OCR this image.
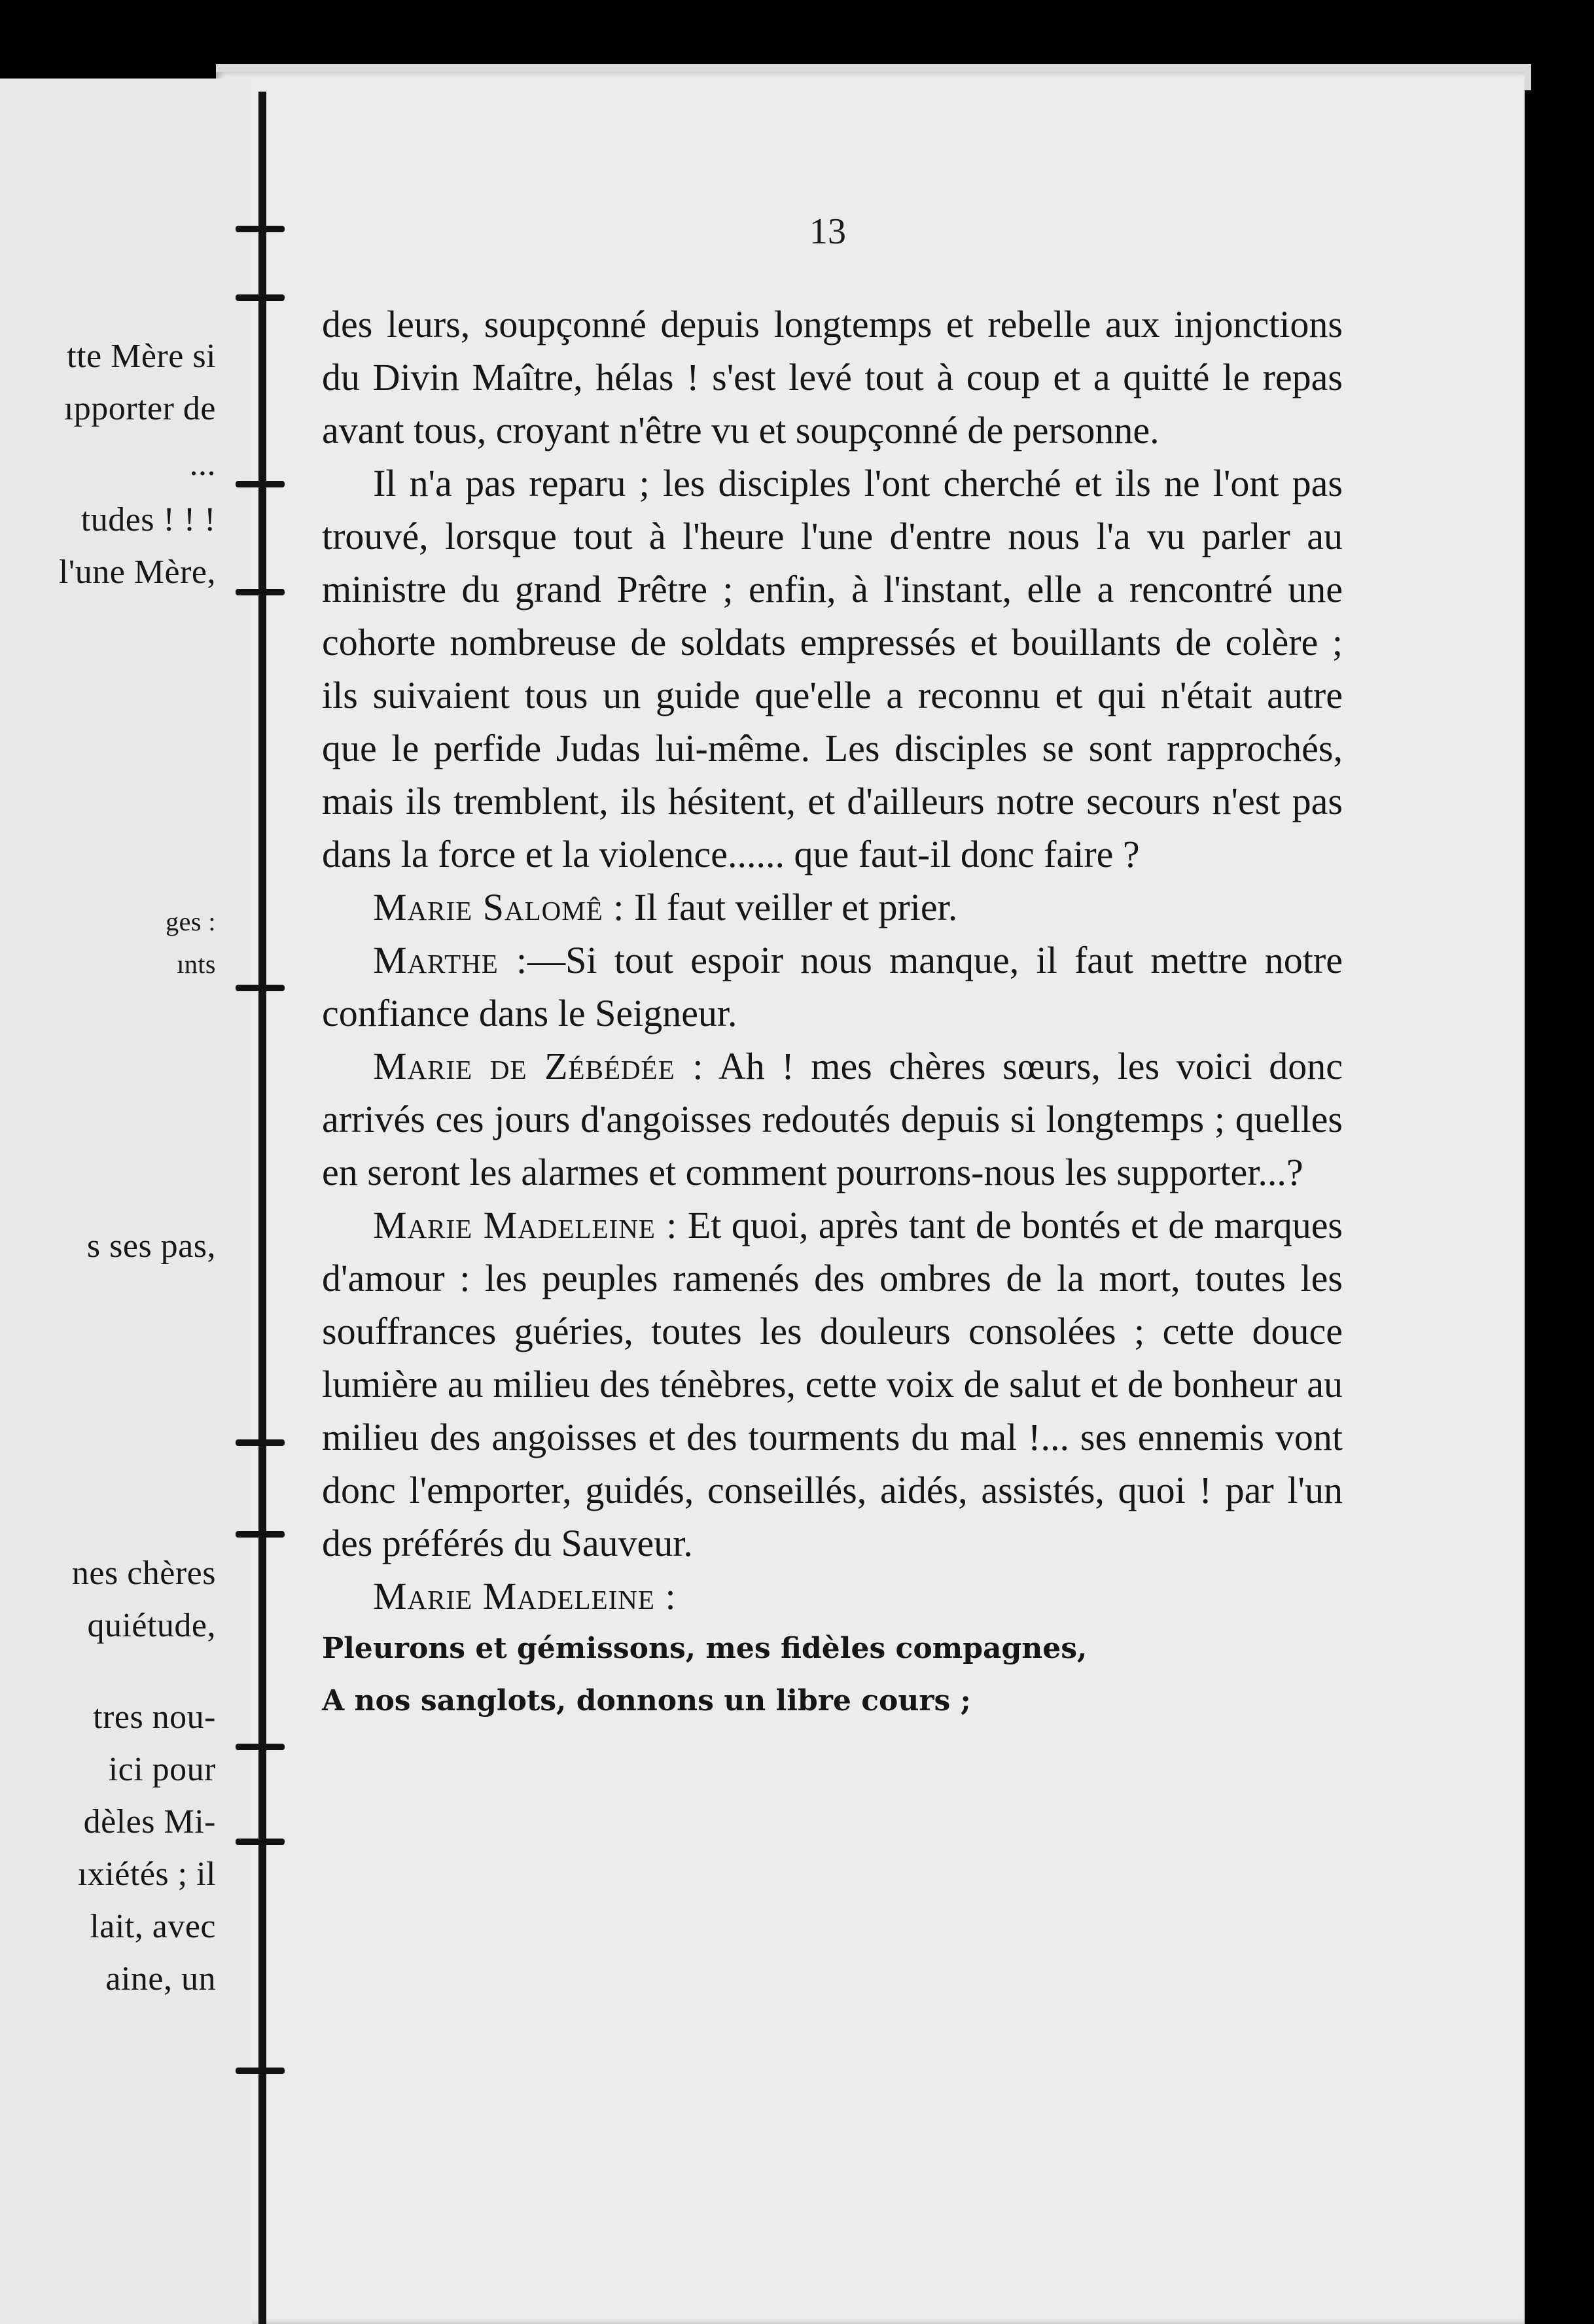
tte Mère si
ıpporter de
...
tudes ! ! !
l'une Mère,
ges :
ınts
s ses pas,
nes chères
quiétude,
tres nou-
ici pour
dèles Mi-
ıxiétés ; il
lait, avec
aine, un
13

des leurs, soupçonné depuis longtemps et rebelle aux injonctions du Divin Maître, hélas ! s'est levé tout à coup et a quitté le repas avant tous, croyant n'être vu et soupçonné de personne.

Il n'a pas reparu ; les disciples l'ont cherché et ils ne l'ont pas trouvé, lorsque tout à l'heure l'une d'entre nous l'a vu parler au ministre du grand Prêtre ; enfin, à l'instant, elle a rencontré une cohorte nombreuse de soldats empressés et bouillants de colère ; ils suivaient tous un guide que'elle a reconnu et qui n'était autre que le perfide Judas lui-même. Les disciples se sont rapprochés, mais ils tremblent, ils hésitent, et d'ailleurs notre secours n'est pas dans la force et la violence...... que faut-il donc faire ?

Marie Salomê : Il faut veiller et prier.

Marthe :—Si tout espoir nous manque, il faut mettre notre confiance dans le Seigneur.

Marie de Zébédée : Ah ! mes chères sœurs, les voici donc arrivés ces jours d'angoisses redoutés depuis si longtemps ; quelles en seront les alarmes et comment pourrons-nous les supporter...?

Marie Madeleine : Et quoi, après tant de bontés et de marques d'amour : les peuples ramenés des ombres de la mort, toutes les souffrances guéries, toutes les douleurs consolées ; cette douce lumière au milieu des ténèbres, cette voix de salut et de bonheur au milieu des angoisses et des tourments du mal !... ses ennemis vont donc l'emporter, guidés, conseillés, aidés, assistés, quoi ! par l'un des préférés du Sauveur.

Marie Madeleine :

Pleurons et gémissons, mes fidèles compagnes,

A nos sanglots, donnons un libre cours ;
